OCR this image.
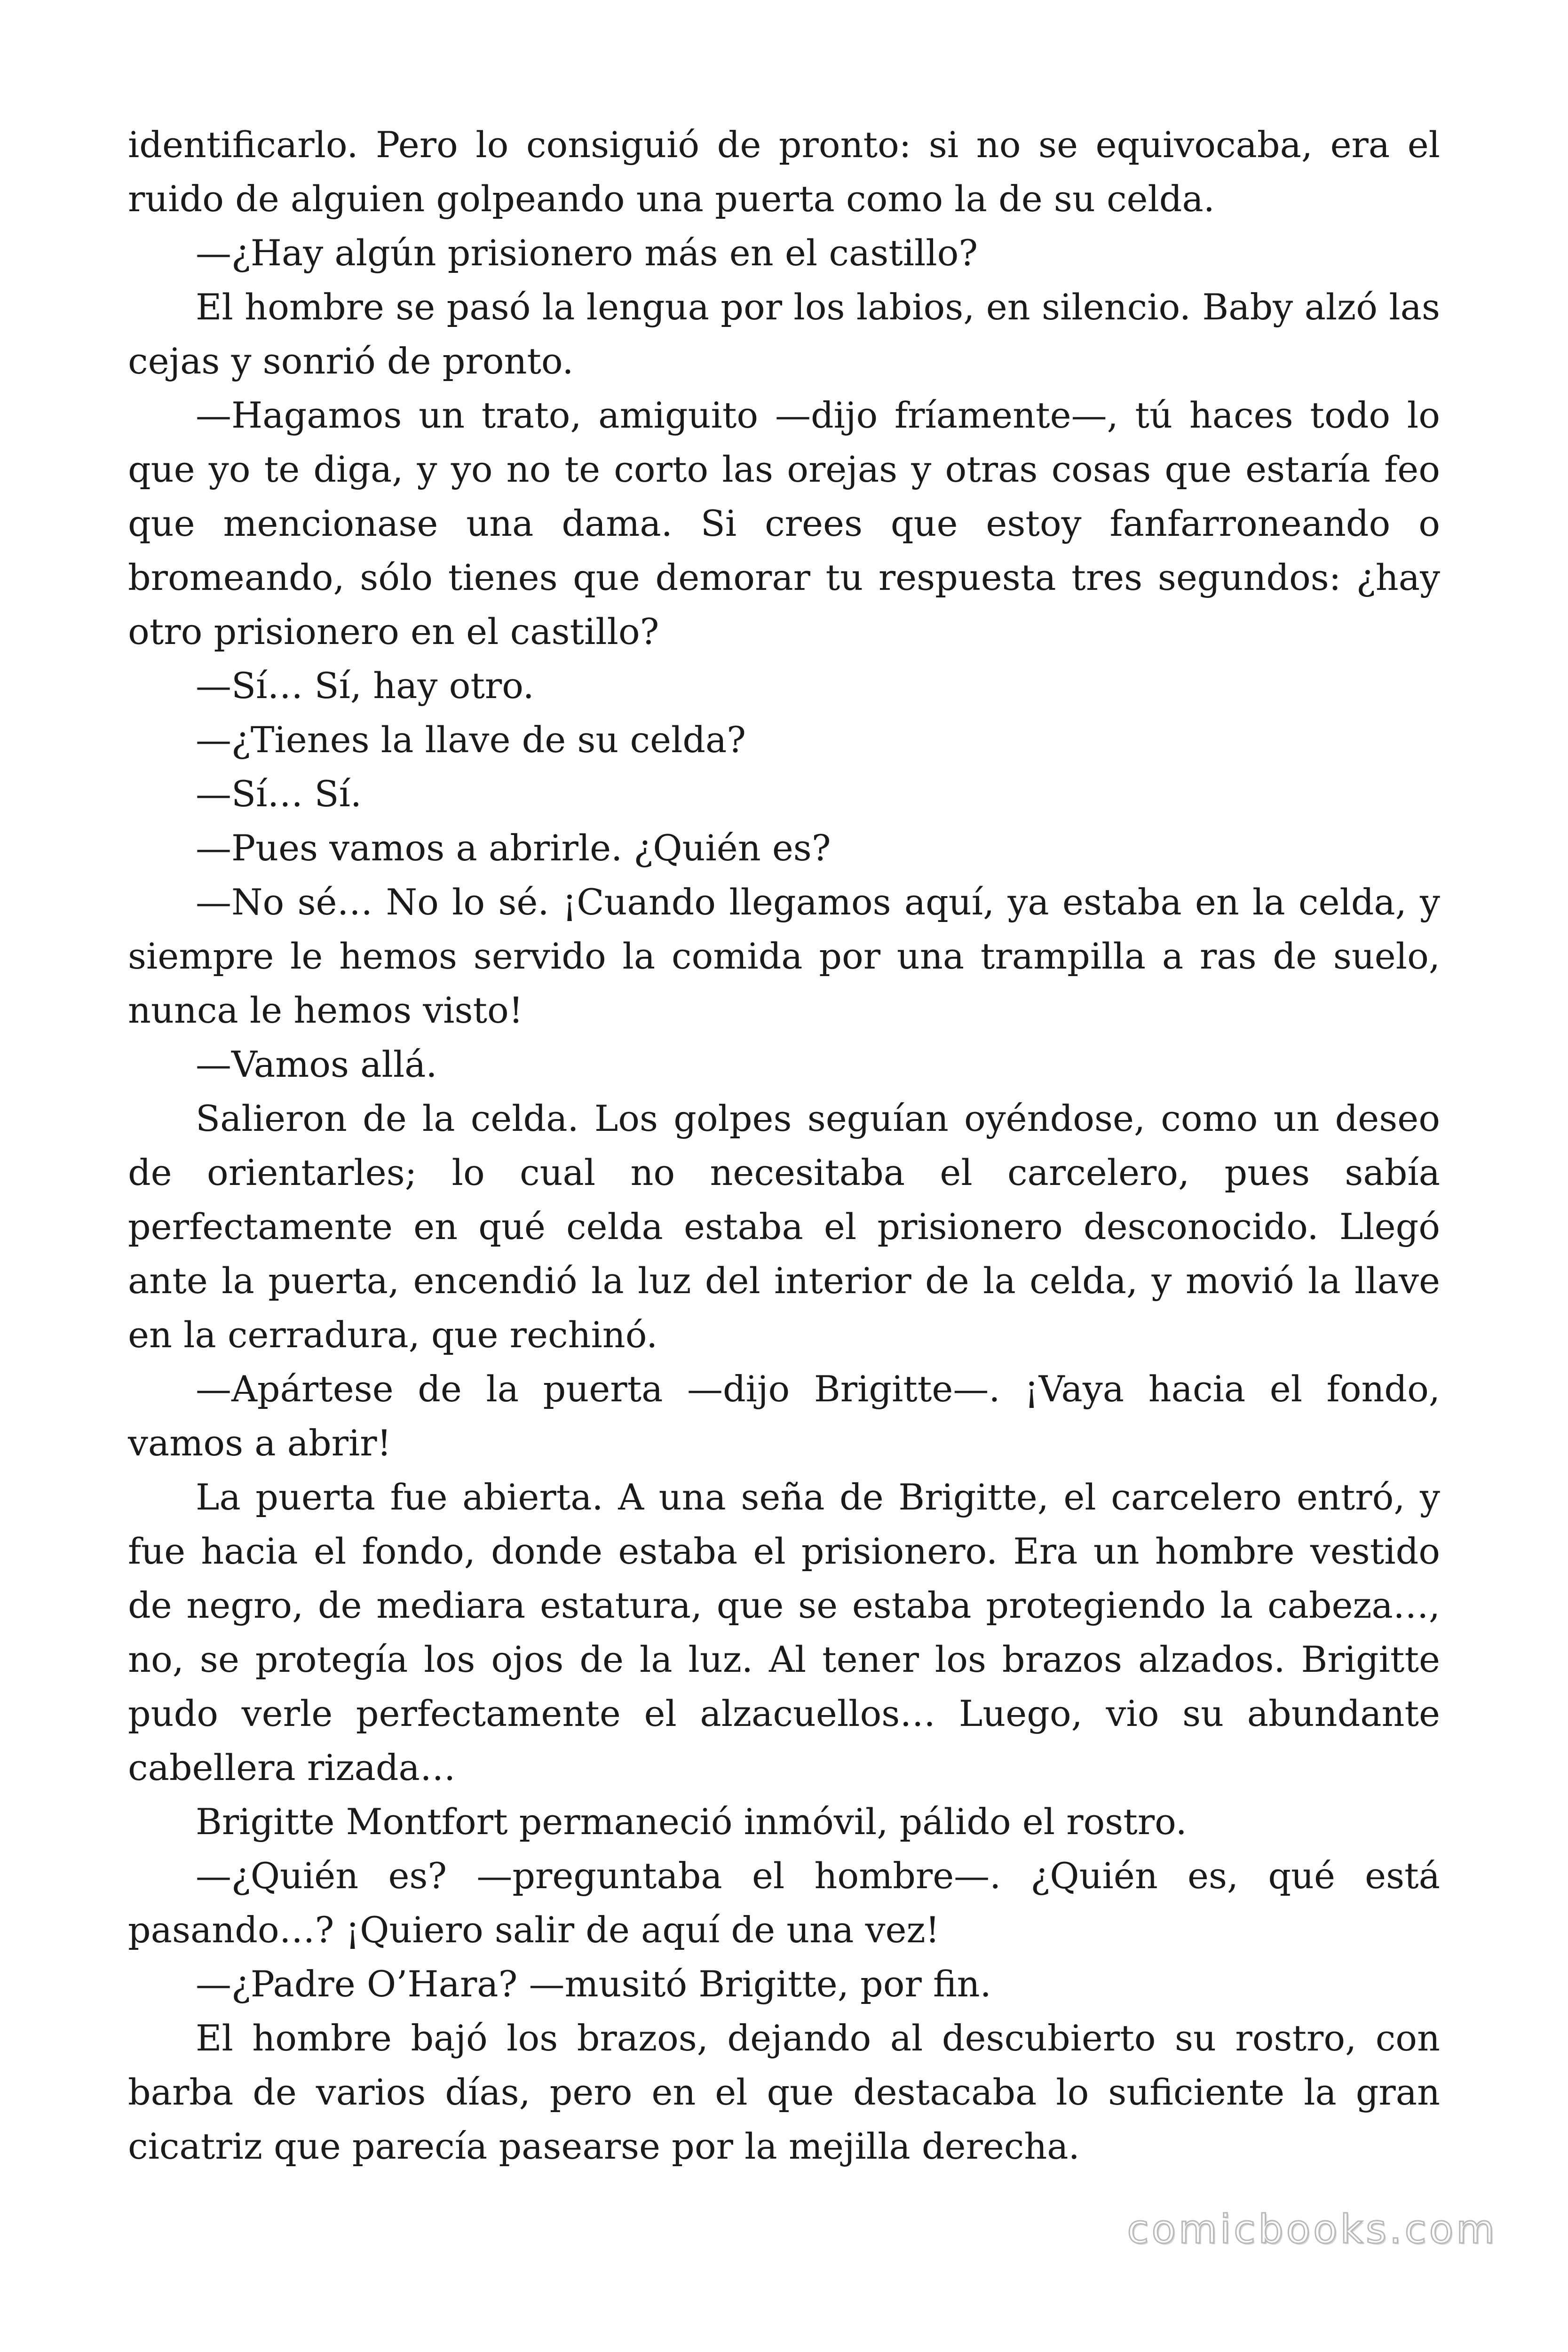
identificarlo. Pero lo consiguió de pronto: si no se equivocaba, era el ruido de alguien golpeando una puerta como la de su celda.

—¿Hay algún prisionero más en el castillo?

El hombre se pasó la lengua por los labios, en silencio. Baby alzó las cejas y sonrió de pronto.

—Hagamos un trato, amiguito —dijo fríamente—, tú haces todo lo que yo te diga, y yo no te corto las orejas y otras cosas que estaría feo que mencionase una dama. Si crees que estoy fanfarroneando o bromeando, sólo tienes que demorar tu respuesta tres segundos: ¿hay otro prisionero en el castillo?

—Sí… Sí, hay otro.

—¿Tienes la llave de su celda?

—Sí… Sí.

—Pues vamos a abrirle. ¿Quién es?

—No sé… No lo sé. ¡Cuando llegamos aquí, ya estaba en la celda, y siempre le hemos servido la comida por una trampilla a ras de suelo, nunca le hemos visto!

—Vamos allá.

Salieron de la celda. Los golpes seguían oyéndose, como un deseo de orientarles; lo cual no necesitaba el carcelero, pues sabía perfectamente en qué celda estaba el prisionero desconocido. Llegó ante la puerta, encendió la luz del interior de la celda, y movió la llave en la cerradura, que rechinó.

—Apártese de la puerta —dijo Brigitte—. ¡Vaya hacia el fondo, vamos a abrir!

La puerta fue abierta. A una seña de Brigitte, el carcelero entró, y fue hacia el fondo, donde estaba el prisionero. Era un hombre vestido de negro, de mediara estatura, que se estaba protegiendo la cabeza…, no, se protegía los ojos de la luz. Al tener los brazos alzados. Brigitte pudo verle perfectamente el alzacuellos… Luego, vio su abundante cabellera rizada…

Brigitte Montfort permaneció inmóvil, pálido el rostro.

—¿Quién es? —preguntaba el hombre—. ¿Quién es, qué está pasando…? ¡Quiero salir de aquí de una vez!

—¿Padre O’Hara? —musitó Brigitte, por fin.

El hombre bajó los brazos, dejando al descubierto su rostro, con barba de varios días, pero en el que destacaba lo suficiente la gran cicatriz que parecía pasearse por la mejilla derecha.

comicbooks.com
